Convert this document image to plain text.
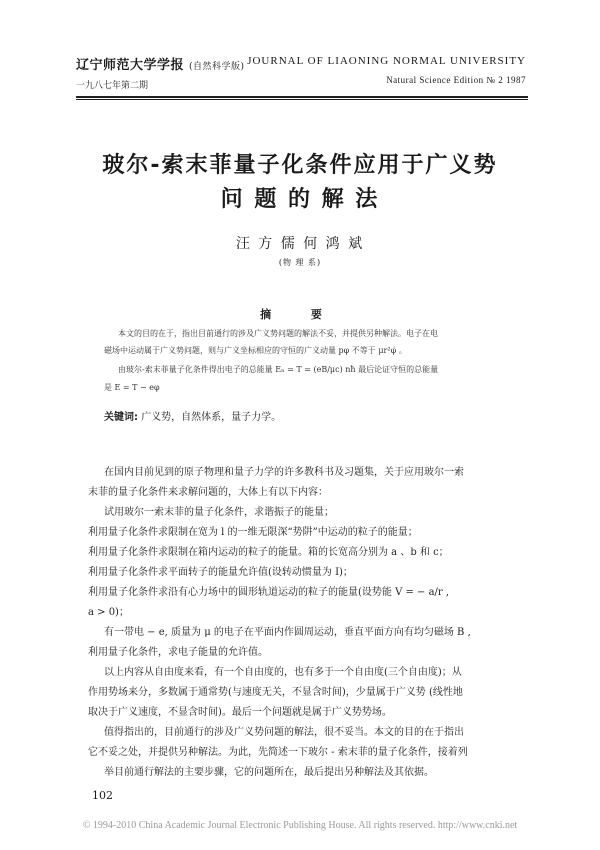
辽宁师范大学学报 (自然科学版)
一九八七年第二期
JOURNAL OF LIAONING NORMAL UNIVERSITY
Natural Science Edition № 2 1987
玻尔-索末菲量子化条件应用于广义势
问 题 的 解 法
汪 方 儒 何 鸿 斌
(物 理 系)
摘 要
本文的目的在于，指出目前通行的涉及广义势问题的解法不妥，并提供另种解法。电子在电
磁场中运动属于广义势问题，则与广义坐标相应的守恒的广义动量 pφ 不等于 μr²φ̇ 。
由玻尔-索末菲量子化条件得出电子的总能量 Eₙ = T = (eB/μc) nħ 最后论证守恒的总能量
是 E = T − eφ
关键词: 广义势，自然体系，量子力学。
在国内目前见到的原子物理和量子力学的许多教科书及习题集，关于应用玻尔一索
末菲的量子化条件来求解问题的，大体上有以下内容：
试用玻尔一索末菲的量子化条件，求谐振子的能量；
利用量子化条件求限制在宽为 l 的一维无限深“势阱”中运动的粒子的能量；
利用量子化条件求限制在箱内运动的粒子的能量。箱的长宽高分别为 a 、b 和 c；
利用量子化条件求平面转子的能量允许值(设转动惯量为 I)；
利用量子化条件求沿有心力场中的圆形轨道运动的粒子的能量(设势能 V = − a/r ,
a > 0)；
有一带电 − e, 质量为 μ 的电子在平面内作圆周运动，垂直平面方向有均匀磁场 B ,
利用量子化条件，求电子能量的允许值。
以上内容从自由度来看，有一个自由度的，也有多于一个自由度(三个自由度)；从
作用势场来分，多数属于通常势(与速度无关，不显含时间)，少量属于广义势 (线性地
取决于广义速度，不显含时间)。最后一个问题就是属于广义势势场。
值得指出的，目前通行的涉及广义势问题的解法，很不妥当。本文的目的在于指出
它不妥之处，并提供另种解法。为此，先简述一下玻尔 - 索末菲的量子化条件，接着列
举目前通行解法的主要步骤，它的问题所在，最后提出另种解法及其依据。
102
© 1994-2010 China Academic Journal Electronic Publishing House. All rights reserved. http://www.cnki.net
